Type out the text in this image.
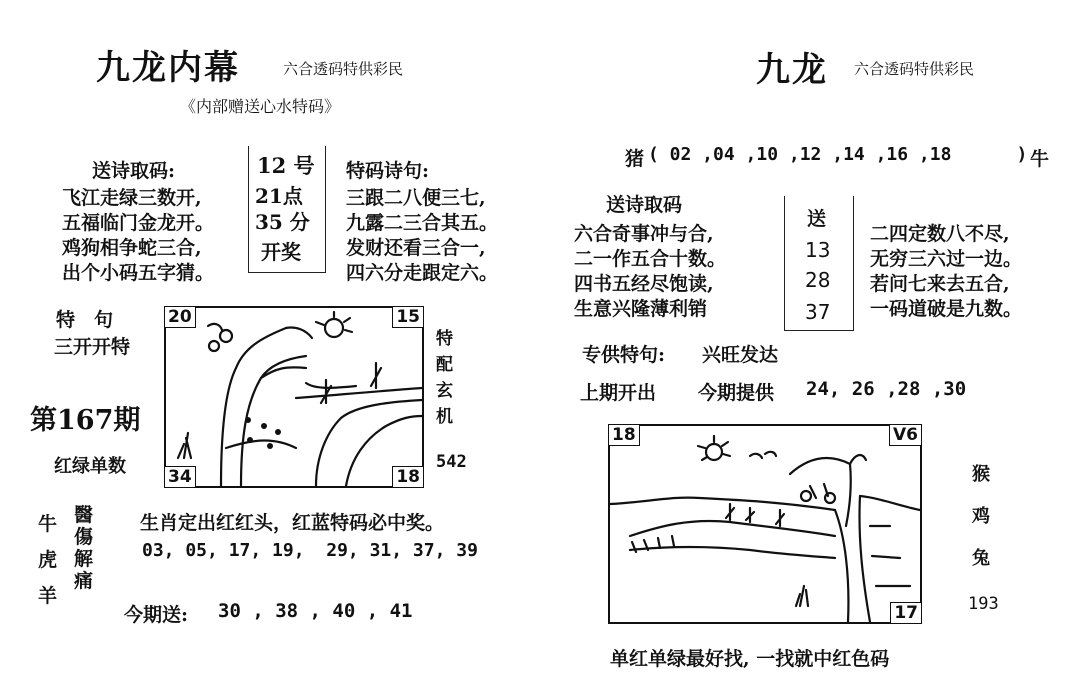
九龙内幕	六合透码特供彩民
《内部赠送心水特码》
送诗取码:
飞江走绿三数开,
五福临门金龙开。
鸡狗相争蛇三合,
出个小码五字猜。
12 号
21点
35 分
开奖
特码诗句:
三跟二八便三七,
九露二三合其五。
发财还看三合一,
四六分走跟定六。
特　句
三开开特
第167期
红绿单数
20	15
34	18
特
配
玄
机
542
牛
虎
羊
醫
傷
解
痛
生肖定出红红头，红蓝特码必中奖。
03, 05, 17, 19,  29, 31, 37, 39
今期送: 30 , 38 , 40 , 41
九龙 六合透码特供彩民
猪 ( 02 ,04 ,10 ,12 ,14 ,16 ,18      ) 牛
送诗取码
六合奇事冲与合,
二一作五合十数。
四书五经尽饱读,
生意兴隆薄利销
送
13
28
37
二四定数八不尽,
无穷三六过一边。
若问七来去五合,
一码道破是九数。
专供特句: 兴旺发达
上期开出 今期提供 24, 26 ,28 ,30
18	V6
17
猴
鸡
兔
193
单红单绿最好找, 一找就中红色码
